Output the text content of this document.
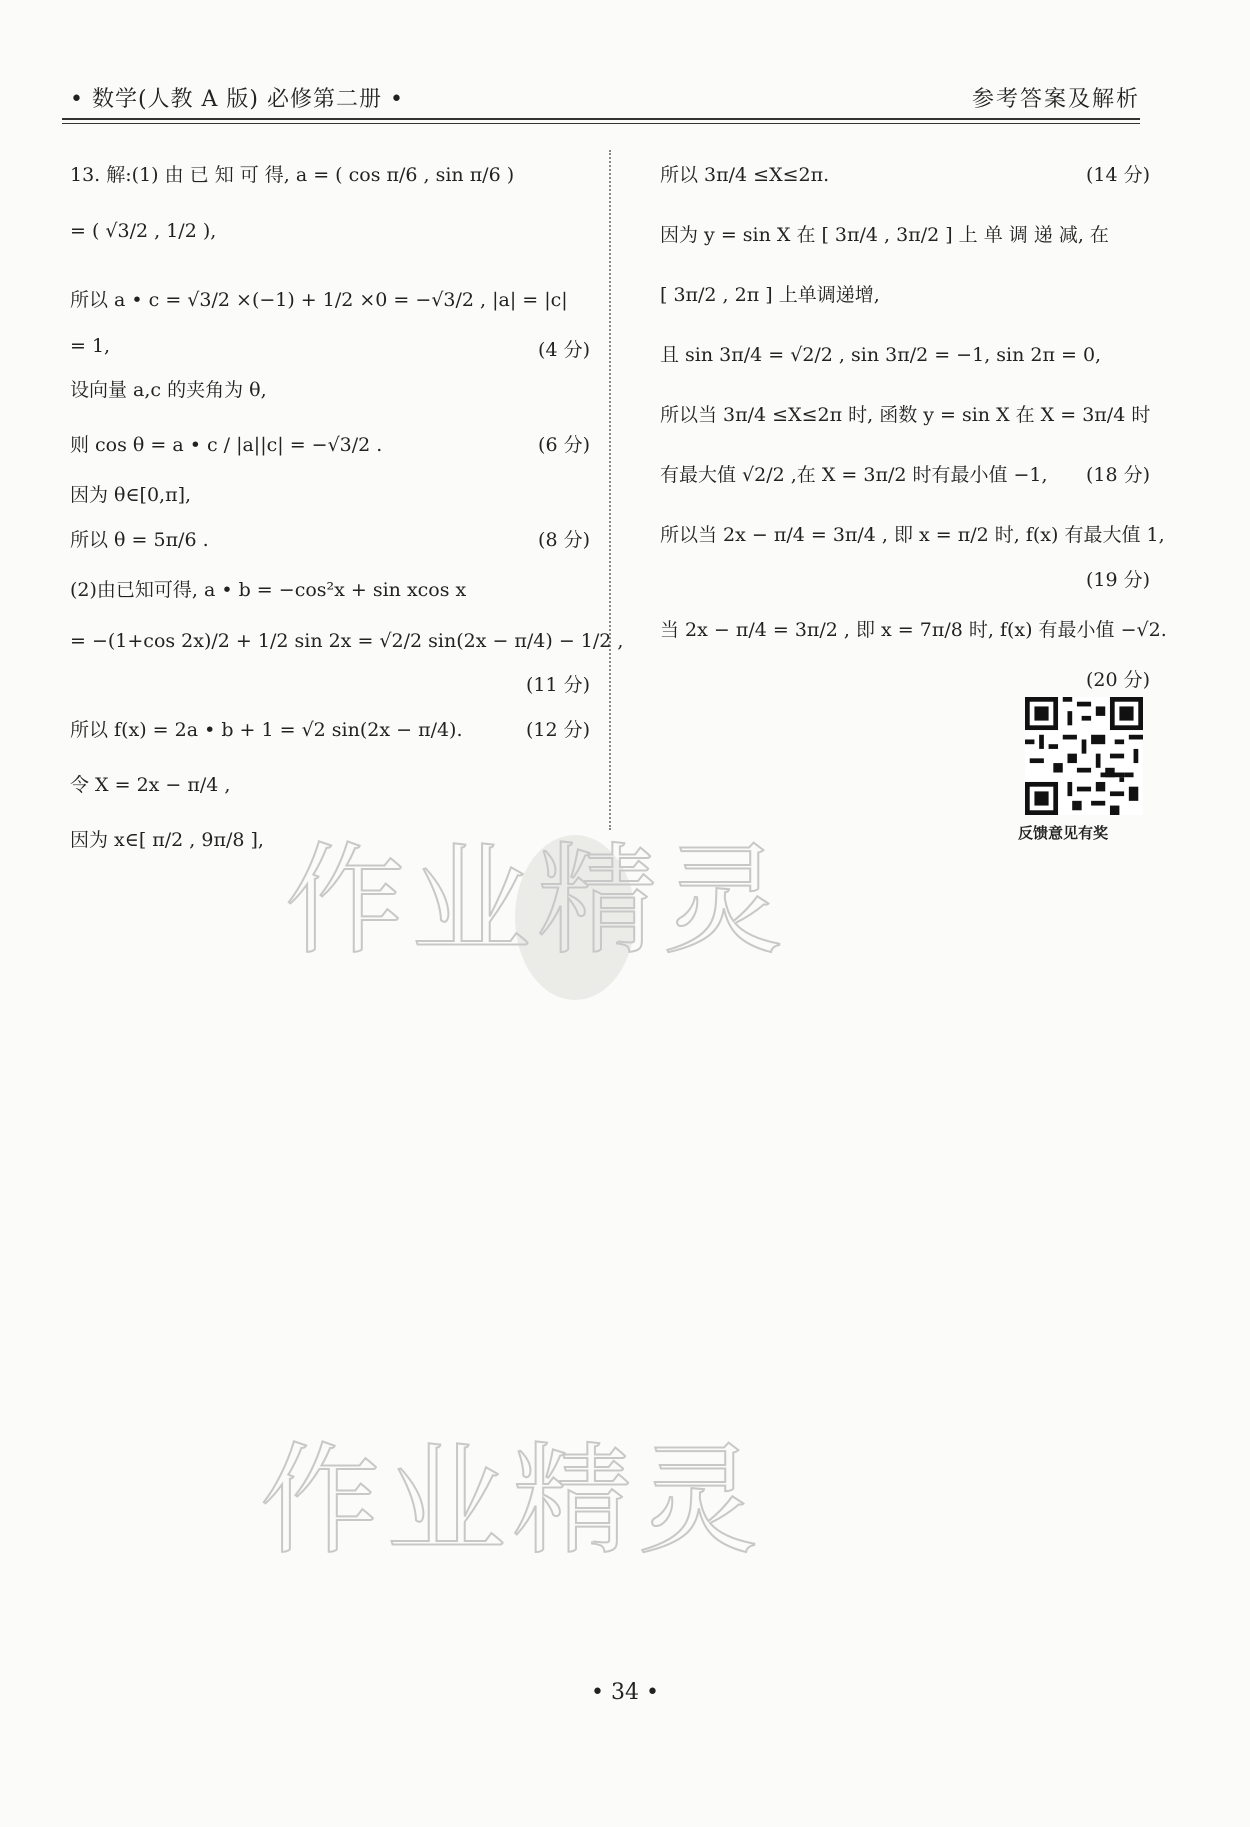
• 数学(人教 A 版) 必修第二册 •	参考答案及解析
作业精灵
作业精灵
13. 解:(1) 由 已 知 可 得, a = ( cos π/6 , sin π/6 )
= ( √3/2 , 1/2 ),
所以 a • c = √3/2 ×(−1) + 1/2 ×0 = −√3/2 , |a| = |c|
= 1,	(4 分)
设向量 a,c 的夹角为 θ,
则 cos θ = a • c / |a||c| = −√3/2 .	(6 分)
因为 θ∈[0,π],
所以 θ = 5π/6 .	(8 分)
(2)由已知可得, a • b = −cos²x + sin xcos x
= −(1+cos 2x)/2 + 1/2 sin 2x = √2/2 sin(2x − π/4) − 1/2 ,
(11 分)
所以 f(x) = 2a • b + 1 = √2 sin(2x − π/4).	(12 分)
令 X = 2x − π/4 ,
因为 x∈[ π/2 , 9π/8 ],
所以 3π/4 ≤X≤2π.	(14 分)
因为 y = sin X 在 [ 3π/4 , 3π/2 ] 上 单 调 递 减, 在
[ 3π/2 , 2π ] 上单调递增,
且 sin 3π/4 = √2/2 , sin 3π/2 = −1, sin 2π = 0,
所以当 3π/4 ≤X≤2π 时, 函数 y = sin X 在 X = 3π/4 时
有最大值 √2/2 ,在 X = 3π/2 时有最小值 −1, (18 分)
所以当 2x − π/4 = 3π/4 , 即 x = π/2 时, f(x) 有最大值 1,
(19 分)
当 2x − π/4 = 3π/2 , 即 x = 7π/8 时, f(x) 有最小值 −√2.
(20 分)
反馈意见有奖
• 34 •
